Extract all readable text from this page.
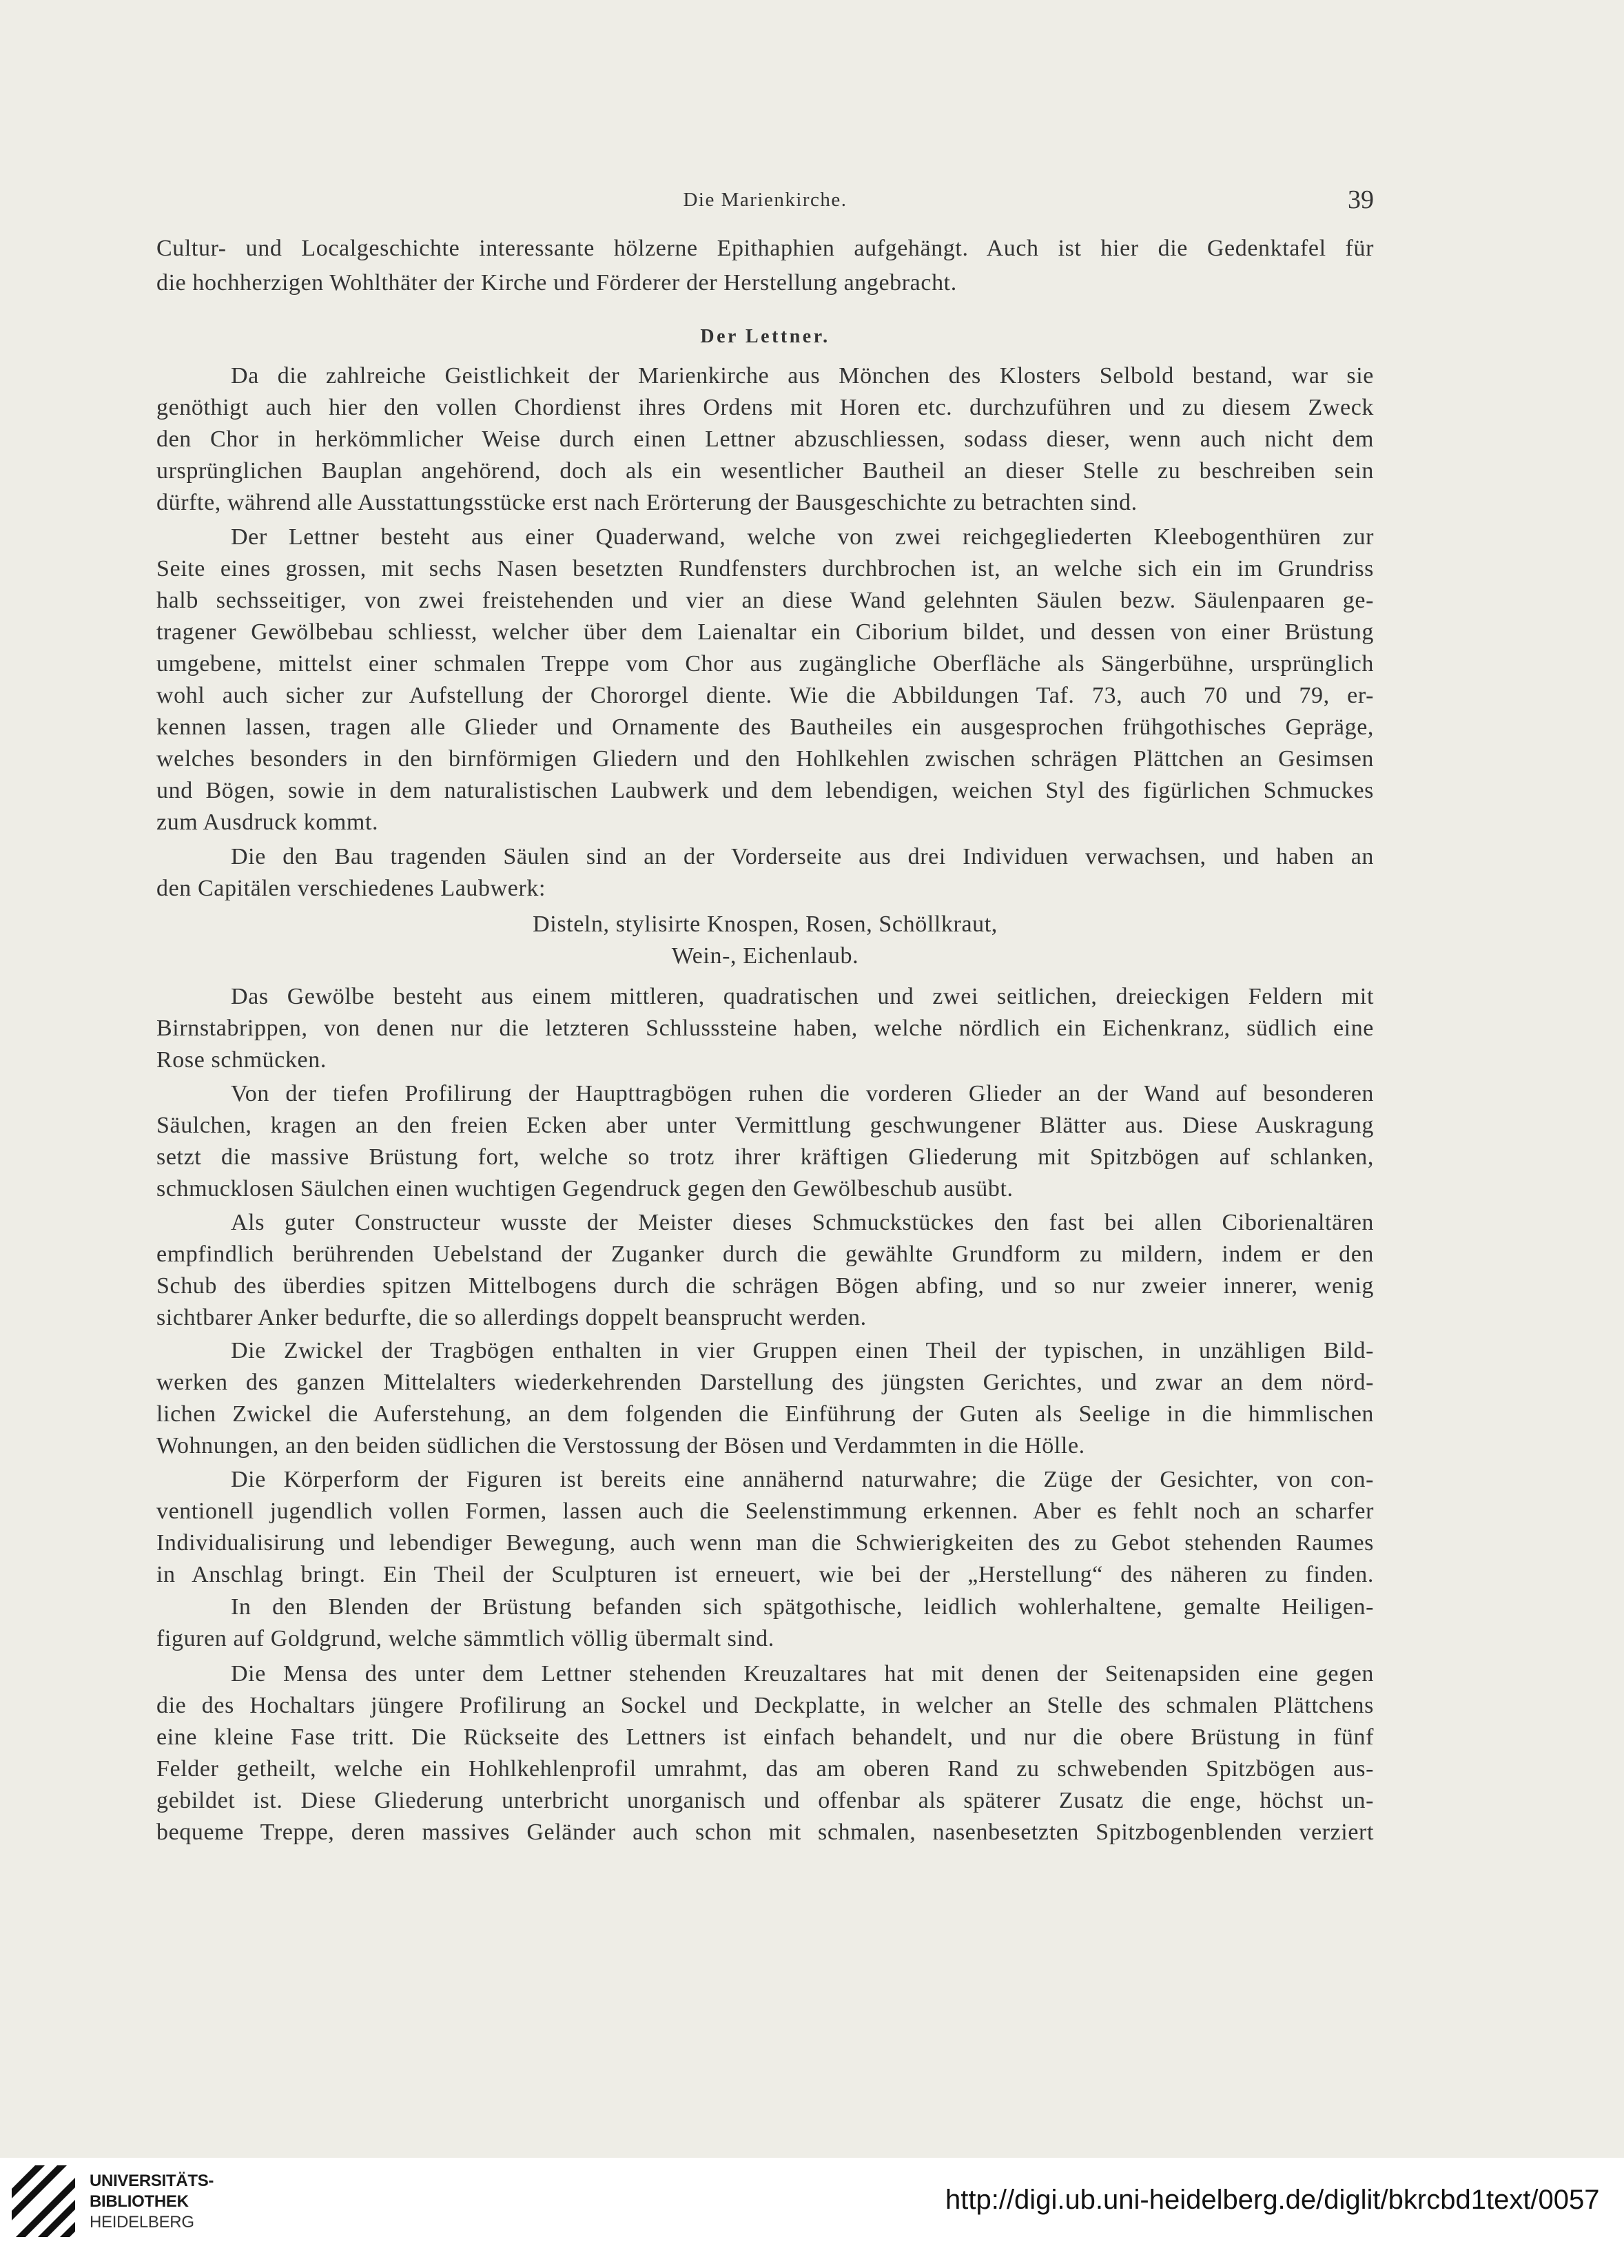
Die Marienkirche.	39
Cultur- und Localgeschichte interessante hölzerne Epithaphien aufgehängt. Auch ist hier die Gedenktafel für
die hochherzigen Wohlthäter der Kirche und Förderer der Herstellung angebracht.
Der Lettner.
Da die zahlreiche Geistlichkeit der Marienkirche aus Mönchen des Klosters Selbold bestand, war sie
genöthigt auch hier den vollen Chordienst ihres Ordens mit Horen etc. durchzuführen und zu diesem Zweck
den Chor in herkömmlicher Weise durch einen Lettner abzuschliessen, sodass dieser, wenn auch nicht dem
ursprünglichen Bauplan angehörend, doch als ein wesentlicher Bautheil an dieser Stelle zu beschreiben sein
dürfte, während alle Ausstattungsstücke erst nach Erörterung der Bausgeschichte zu betrachten sind.
Der Lettner besteht aus einer Quaderwand, welche von zwei reichgegliederten Kleebogenthüren zur
Seite eines grossen, mit sechs Nasen besetzten Rundfensters durchbrochen ist, an welche sich ein im Grundriss
halb sechsseitiger, von zwei freistehenden und vier an diese Wand gelehnten Säulen bezw. Säulenpaaren ge-
tragener Gewölbebau schliesst, welcher über dem Laienaltar ein Ciborium bildet, und dessen von einer Brüstung
umgebene, mittelst einer schmalen Treppe vom Chor aus zugängliche Oberfläche als Sängerbühne, ursprünglich
wohl auch sicher zur Aufstellung der Chororgel diente. Wie die Abbildungen Taf. 73, auch 70 und 79, er-
kennen lassen, tragen alle Glieder und Ornamente des Bautheiles ein ausgesprochen frühgothisches Gepräge,
welches besonders in den birnförmigen Gliedern und den Hohlkehlen zwischen schrägen Plättchen an Gesimsen
und Bögen, sowie in dem naturalistischen Laubwerk und dem lebendigen, weichen Styl des figürlichen Schmuckes
zum Ausdruck kommt.
Die den Bau tragenden Säulen sind an der Vorderseite aus drei Individuen verwachsen, und haben an
den Capitälen verschiedenes Laubwerk:
Disteln, stylisirte Knospen, Rosen, Schöllkraut,
Wein-, Eichenlaub.
Das Gewölbe besteht aus einem mittleren, quadratischen und zwei seitlichen, dreieckigen Feldern mit
Birnstabrippen, von denen nur die letzteren Schlusssteine haben, welche nördlich ein Eichenkranz, südlich eine
Rose schmücken.
Von der tiefen Profilirung der Haupttragbögen ruhen die vorderen Glieder an der Wand auf besonderen
Säulchen, kragen an den freien Ecken aber unter Vermittlung geschwungener Blätter aus. Diese Auskragung
setzt die massive Brüstung fort, welche so trotz ihrer kräftigen Gliederung mit Spitzbögen auf schlanken,
schmucklosen Säulchen einen wuchtigen Gegendruck gegen den Gewölbeschub ausübt.
Als guter Constructeur wusste der Meister dieses Schmuckstückes den fast bei allen Ciborienaltären
empfindlich berührenden Uebelstand der Zuganker durch die gewählte Grundform zu mildern, indem er den
Schub des überdies spitzen Mittelbogens durch die schrägen Bögen abfing, und so nur zweier innerer, wenig
sichtbarer Anker bedurfte, die so allerdings doppelt beansprucht werden.
Die Zwickel der Tragbögen enthalten in vier Gruppen einen Theil der typischen, in unzähligen Bild-
werken des ganzen Mittelalters wiederkehrenden Darstellung des jüngsten Gerichtes, und zwar an dem nörd-
lichen Zwickel die Auferstehung, an dem folgenden die Einführung der Guten als Seelige in die himmlischen
Wohnungen, an den beiden südlichen die Verstossung der Bösen und Verdammten in die Hölle.
Die Körperform der Figuren ist bereits eine annähernd naturwahre; die Züge der Gesichter, von con-
ventionell jugendlich vollen Formen, lassen auch die Seelenstimmung erkennen. Aber es fehlt noch an scharfer
Individualisirung und lebendiger Bewegung, auch wenn man die Schwierigkeiten des zu Gebot stehenden Raumes
in Anschlag bringt. Ein Theil der Sculpturen ist erneuert, wie bei der „Herstellung“ des näheren zu finden.
In den Blenden der Brüstung befanden sich spätgothische, leidlich wohlerhaltene, gemalte Heiligen-
figuren auf Goldgrund, welche sämmtlich völlig übermalt sind.
Die Mensa des unter dem Lettner stehenden Kreuzaltares hat mit denen der Seitenapsiden eine gegen
die des Hochaltars jüngere Profilirung an Sockel und Deckplatte, in welcher an Stelle des schmalen Plättchens
eine kleine Fase tritt. Die Rückseite des Lettners ist einfach behandelt, und nur die obere Brüstung in fünf
Felder getheilt, welche ein Hohlkehlenprofil umrahmt, das am oberen Rand zu schwebenden Spitzbögen aus-
gebildet ist. Diese Gliederung unterbricht unorganisch und offenbar als späterer Zusatz die enge, höchst un-
bequeme Treppe, deren massives Geländer auch schon mit schmalen, nasenbesetzten Spitzbogenblenden verziert
UNIVERSITÄTS-
BIBLIOTHEK
HEIDELBERG
http://digi.ub.uni-heidelberg.de/diglit/bkrcbd1text/0057
